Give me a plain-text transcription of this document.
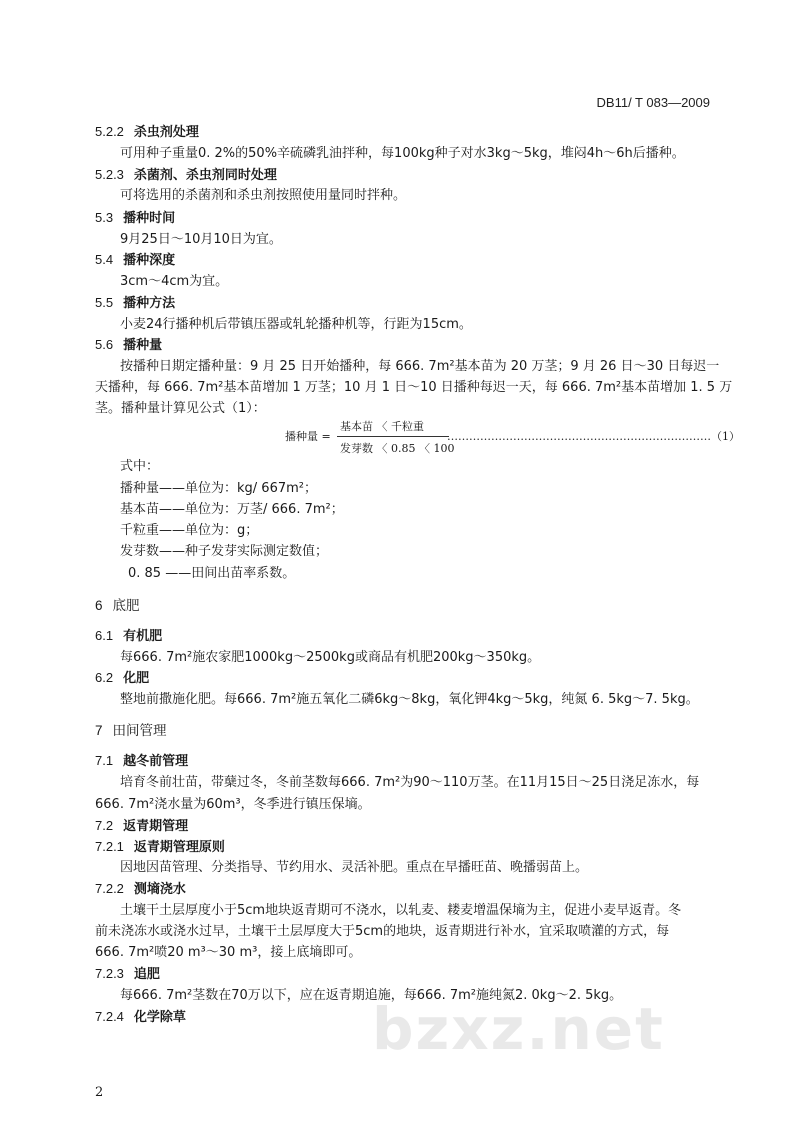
DB11/ T 083—2009
5.2.2 杀虫剂处理
可用种子重量0. 2%的50%辛硫磷乳油拌种，每100kg种子对水3kg～5kg，堆闷4h～6h后播种。
5.2.3 杀菌剂、杀虫剂同时处理
可将选用的杀菌剂和杀虫剂按照使用量同时拌种。
5.3 播种时间
9月25日～10月10日为宜。
5.4 播种深度
3cm～4cm为宜。
5.5 播种方法
小麦24行播种机后带镇压器或轧轮播种机等，行距为15cm。
5.6 播种量
按播种日期定播种量：9 月 25 日开始播种，每 666. 7m²基本苗为 20 万茎；9 月 26 日～30 日每迟一
天播种，每 666. 7m²基本苗增加 1 万茎；10 月 1 日～10 日播种每迟一天，每 666. 7m²基本苗增加 1. 5 万
茎。播种量计算见公式（1）：
播种量 =
基本苗 〈 千粒重
发芽数 〈 0.85 〈 100
………………………………………………………………（1）
式中：
播种量——单位为：kg/ 667m²；
基本苗——单位为：万茎/ 666. 7m²；
千粒重——单位为：g；
发芽数——种子发芽实际测定数值；
0. 85 ——田间出苗率系数。
6 底肥
6.1 有机肥
每666. 7m²施农家肥1000kg～2500kg或商品有机肥200kg～350kg。
6.2 化肥
整地前撒施化肥。每666. 7m²施五氧化二磷6kg～8kg，氧化钾4kg～5kg，纯氮 6. 5kg～7. 5kg。
7 田间管理
7.1 越冬前管理
培育冬前壮苗，带蘖过冬，冬前茎数每666. 7m²为90～110万茎。在11月15日～25日浇足冻水，每
666. 7m²浇水量为60m³，冬季进行镇压保墒。
7.2 返青期管理
7.2.1 返青期管理原则
因地因苗管理、分类指导、节约用水、灵活补肥。重点在早播旺苗、晚播弱苗上。
7.2.2 测墒浇水
土壤干土层厚度小于5cm地块返青期可不浇水，以轧麦、耧麦增温保墒为主，促进小麦早返青。冬
前未浇冻水或浇水过早，土壤干土层厚度大于5cm的地块，返青期进行补水，宜采取喷灌的方式，每
666. 7m²喷20 m³～30 m³，接上底墒即可。
7.2.3 追肥
每666. 7m²茎数在70万以下，应在返青期追施，每666. 7m²施纯氮2. 0kg～2. 5kg。
7.2.4 化学除草	bzxz.net
2
